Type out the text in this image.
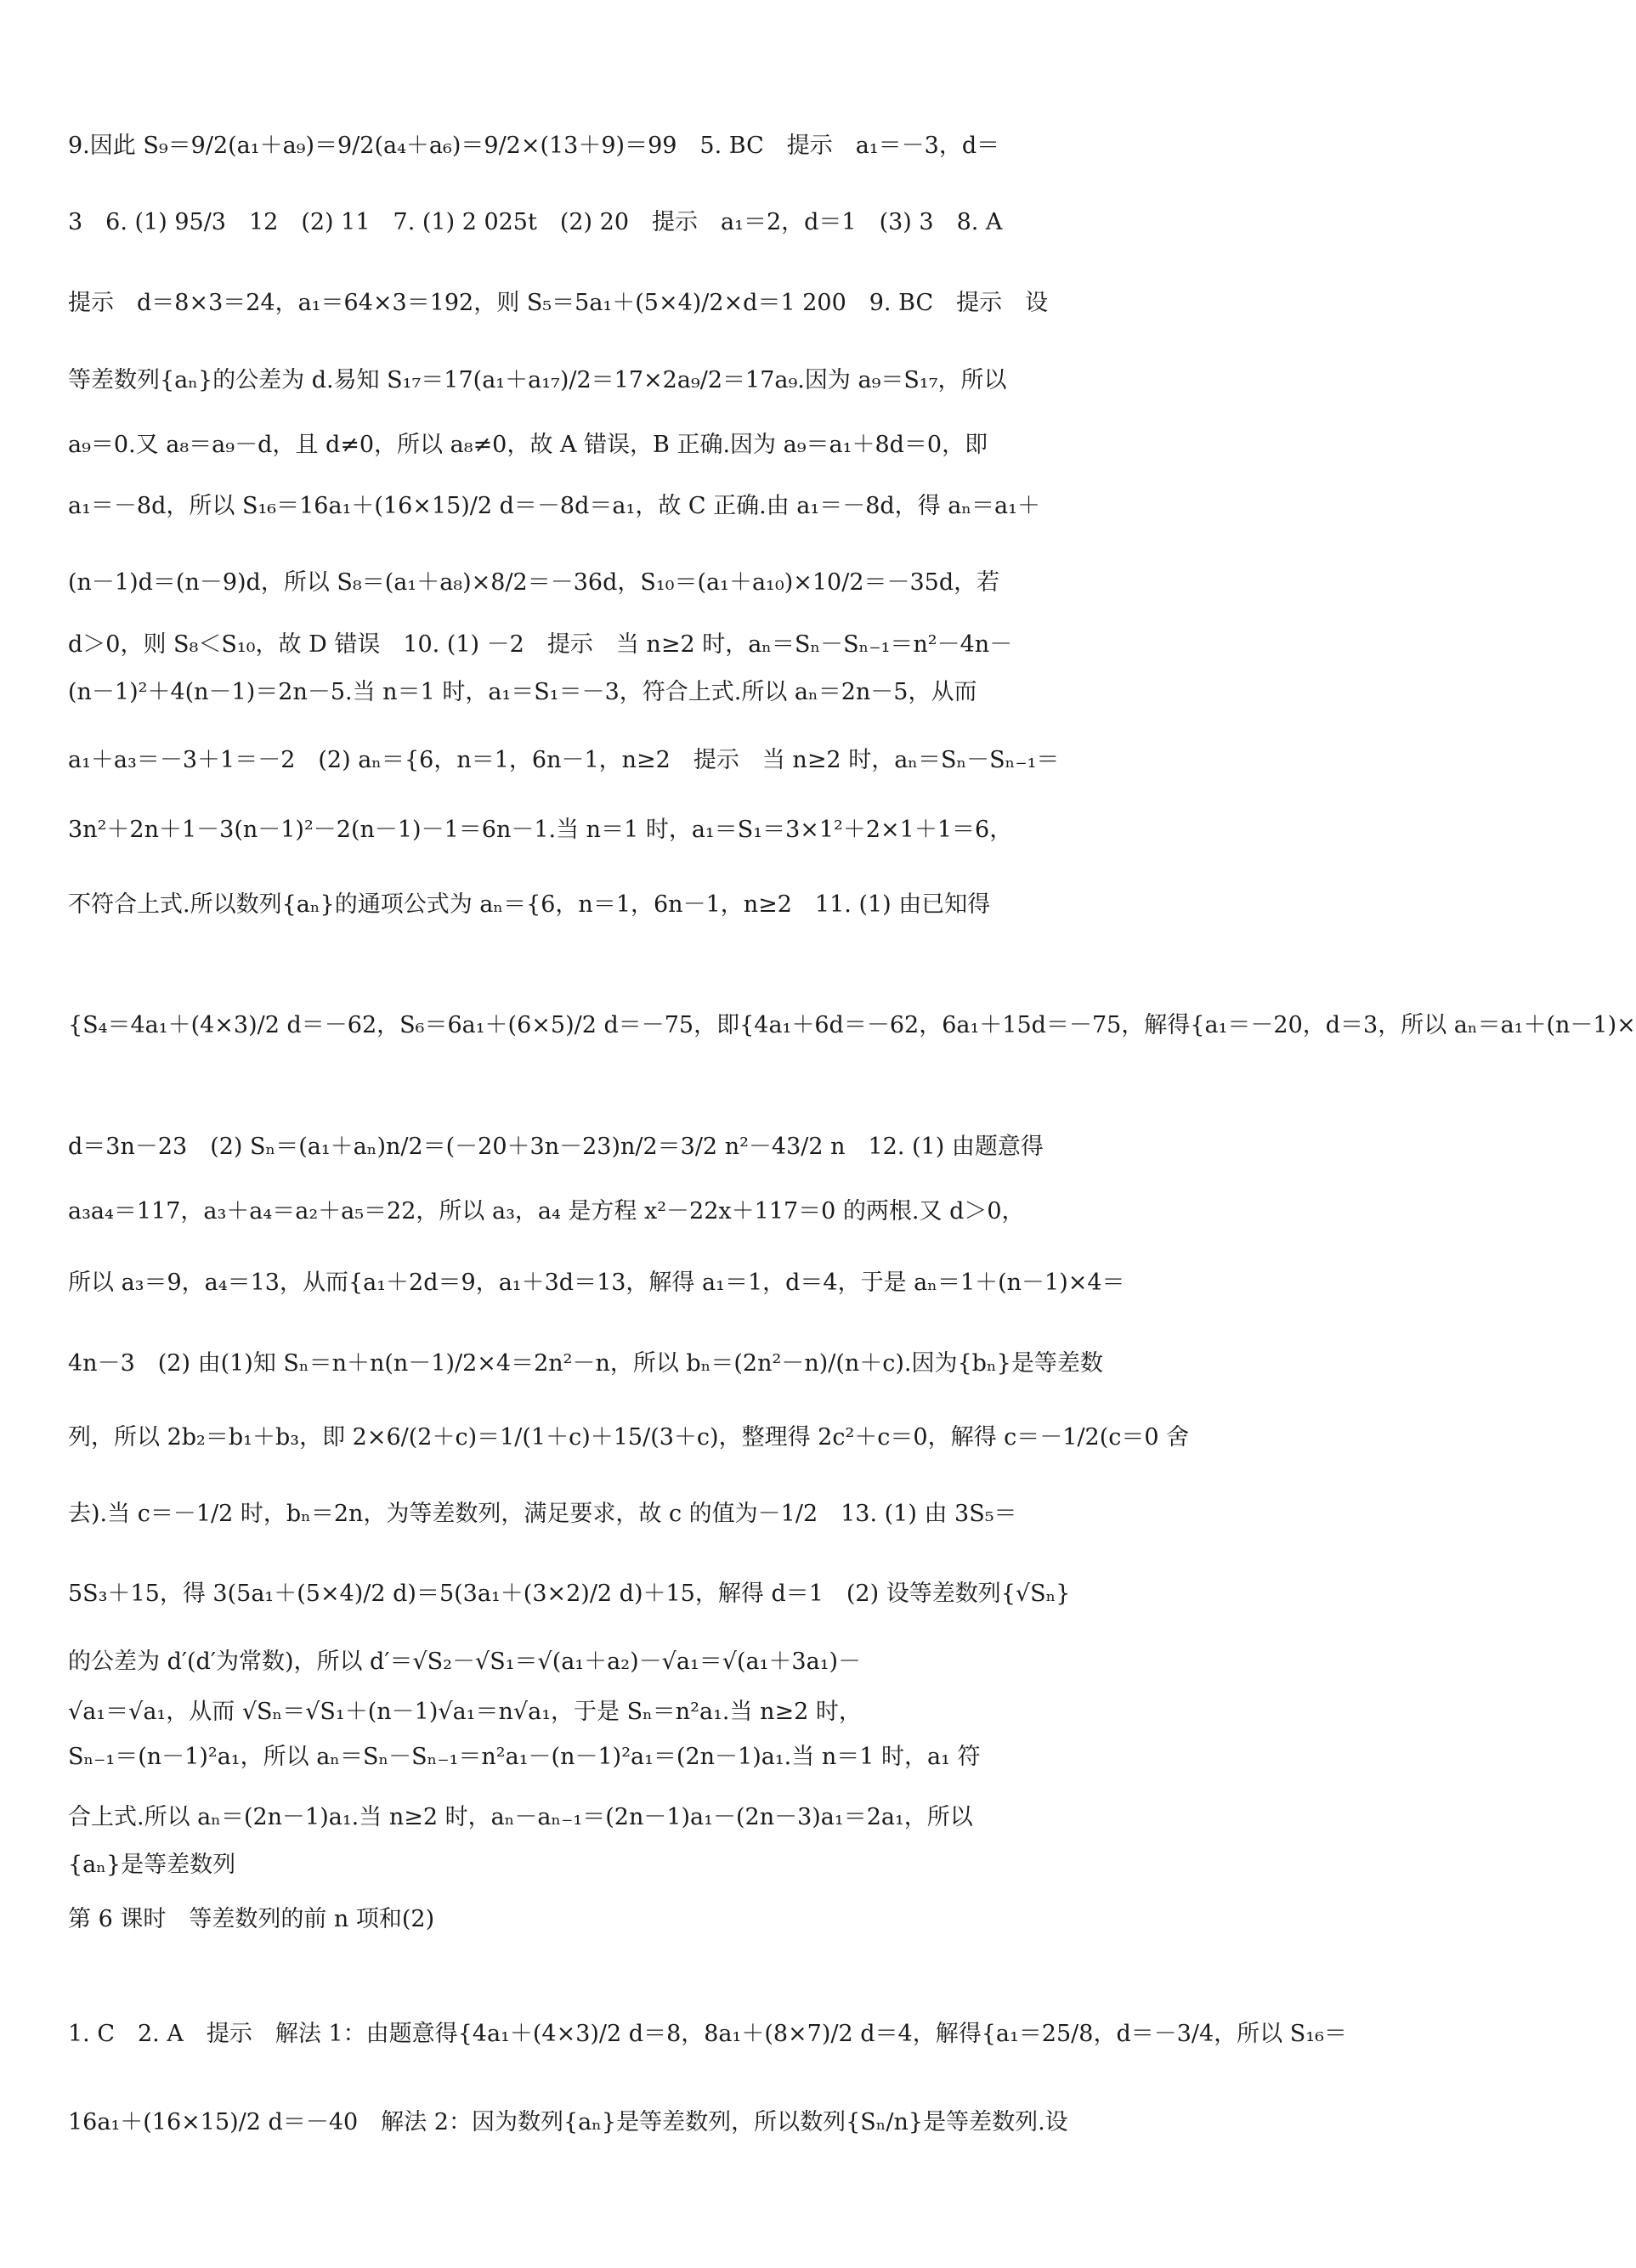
9.因此 S₉＝9/2(a₁＋a₉)＝9/2(a₄＋a₆)＝9/2×(13＋9)＝99　5. BC　提示　a₁＝－3，d＝
3　6. (1) 95/3　12　(2) 11　7. (1) 2 025t　(2) 20　提示　a₁＝2，d＝1　(3) 3　8. A
提示　d＝8×3＝24，a₁＝64×3＝192，则 S₅＝5a₁＋(5×4)/2×d＝1 200　9. BC　提示　设
等差数列{aₙ}的公差为 d.易知 S₁₇＝17(a₁＋a₁₇)/2＝17×2a₉/2＝17a₉.因为 a₉＝S₁₇，所以
a₉＝0.又 a₈＝a₉－d，且 d≠0，所以 a₈≠0，故 A 错误，B 正确.因为 a₉＝a₁＋8d＝0，即
a₁＝－8d，所以 S₁₆＝16a₁＋(16×15)/2 d＝－8d＝a₁，故 C 正确.由 a₁＝－8d，得 aₙ＝a₁＋
(n－1)d＝(n－9)d，所以 S₈＝(a₁＋a₈)×8/2＝－36d，S₁₀＝(a₁＋a₁₀)×10/2＝－35d，若
d＞0，则 S₈＜S₁₀，故 D 错误　10. (1) －2　提示　当 n≥2 时，aₙ＝Sₙ－Sₙ₋₁＝n²－4n－
(n－1)²＋4(n－1)＝2n－5.当 n＝1 时，a₁＝S₁＝－3，符合上式.所以 aₙ＝2n－5，从而
a₁＋a₃＝－3＋1＝－2　(2) aₙ＝{6，n＝1，6n－1，n≥2　提示　当 n≥2 时，aₙ＝Sₙ－Sₙ₋₁＝
3n²＋2n＋1－3(n－1)²－2(n－1)－1＝6n－1.当 n＝1 时，a₁＝S₁＝3×1²＋2×1＋1＝6，
不符合上式.所以数列{aₙ}的通项公式为 aₙ＝{6，n＝1，6n－1，n≥2　11. (1) 由已知得
{S₄＝4a₁＋(4×3)/2 d＝－62，S₆＝6a₁＋(6×5)/2 d＝－75，即{4a₁＋6d＝－62，6a₁＋15d＝－75，解得{a₁＝－20，d＝3，所以 aₙ＝a₁＋(n－1)×
d＝3n－23　(2) Sₙ＝(a₁＋aₙ)n/2＝(－20＋3n－23)n/2＝3/2 n²－43/2 n　12. (1) 由题意得
a₃a₄＝117，a₃＋a₄＝a₂＋a₅＝22，所以 a₃，a₄ 是方程 x²－22x＋117＝0 的两根.又 d＞0，
所以 a₃＝9，a₄＝13，从而{a₁＋2d＝9，a₁＋3d＝13，解得 a₁＝1，d＝4，于是 aₙ＝1＋(n－1)×4＝
4n－3　(2) 由(1)知 Sₙ＝n＋n(n－1)/2×4＝2n²－n，所以 bₙ＝(2n²－n)/(n＋c).因为{bₙ}是等差数
列，所以 2b₂＝b₁＋b₃，即 2×6/(2＋c)＝1/(1＋c)＋15/(3＋c)，整理得 2c²＋c＝0，解得 c＝－1/2(c＝0 舍
去).当 c＝－1/2 时，bₙ＝2n，为等差数列，满足要求，故 c 的值为－1/2　13. (1) 由 3S₅＝
5S₃＋15，得 3(5a₁＋(5×4)/2 d)＝5(3a₁＋(3×2)/2 d)＋15，解得 d＝1　(2) 设等差数列{√Sₙ}
的公差为 d′(d′为常数)，所以 d′＝√S₂－√S₁＝√(a₁＋a₂)－√a₁＝√(a₁＋3a₁)－
√a₁＝√a₁，从而 √Sₙ＝√S₁＋(n－1)√a₁＝n√a₁，于是 Sₙ＝n²a₁.当 n≥2 时，
Sₙ₋₁＝(n－1)²a₁，所以 aₙ＝Sₙ－Sₙ₋₁＝n²a₁－(n－1)²a₁＝(2n－1)a₁.当 n＝1 时，a₁ 符
合上式.所以 aₙ＝(2n－1)a₁.当 n≥2 时，aₙ－aₙ₋₁＝(2n－1)a₁－(2n－3)a₁＝2a₁，所以
{aₙ}是等差数列
第 6 课时　等差数列的前 n 项和(2)
1. C　2. A　提示　解法 1：由题意得{4a₁＋(4×3)/2 d＝8，8a₁＋(8×7)/2 d＝4，解得{a₁＝25/8，d＝－3/4，所以 S₁₆＝
16a₁＋(16×15)/2 d＝－40　解法 2：因为数列{aₙ}是等差数列，所以数列{Sₙ/n}是等差数列.设
